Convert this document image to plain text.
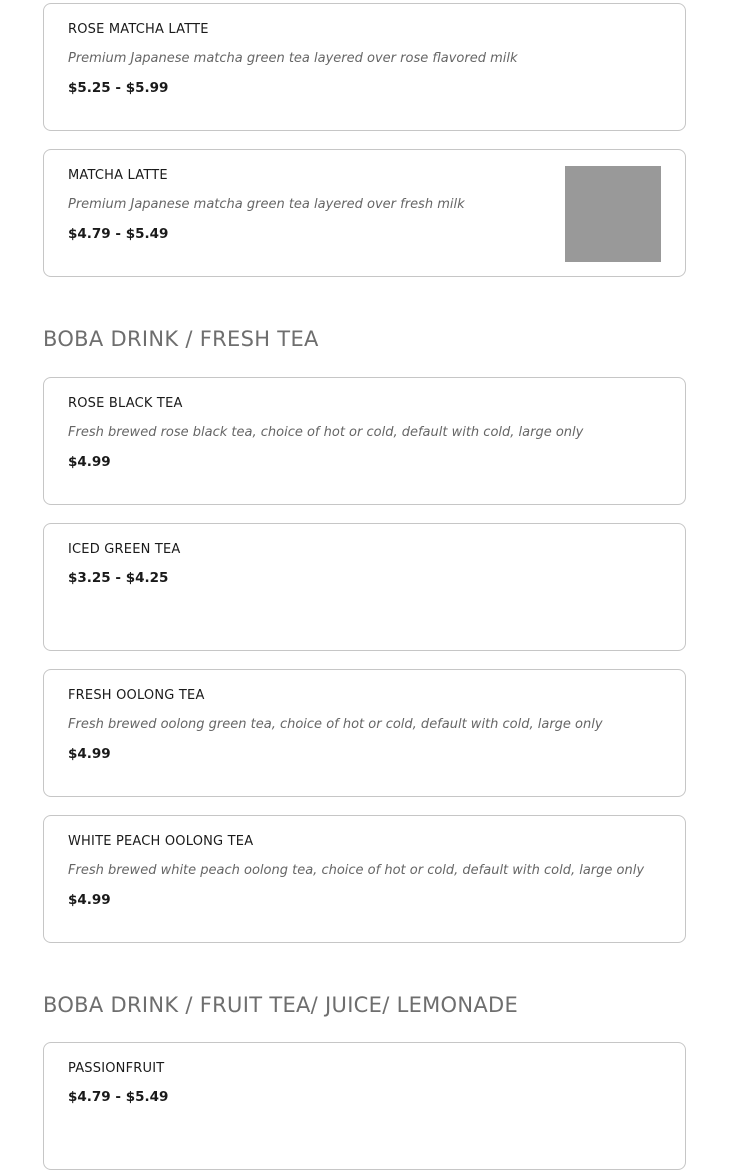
ROSE MATCHA LATTE
Premium Japanese matcha green tea layered over rose flavored milk
$5.25 - $5.99
MATCHA LATTE
Premium Japanese matcha green tea layered over fresh milk
$4.79 - $5.49
BOBA DRINK / FRESH TEA
ROSE BLACK TEA
Fresh brewed rose black tea, choice of hot or cold, default with cold, large only
$4.99
ICED GREEN TEA
$3.25 - $4.25
FRESH OOLONG TEA
Fresh brewed oolong green tea, choice of hot or cold, default with cold, large only
$4.99
WHITE PEACH OOLONG TEA
Fresh brewed white peach oolong tea, choice of hot or cold, default with cold, large only
$4.99
BOBA DRINK / FRUIT TEA/ JUICE/ LEMONADE
PASSIONFRUIT
$4.79 - $5.49
